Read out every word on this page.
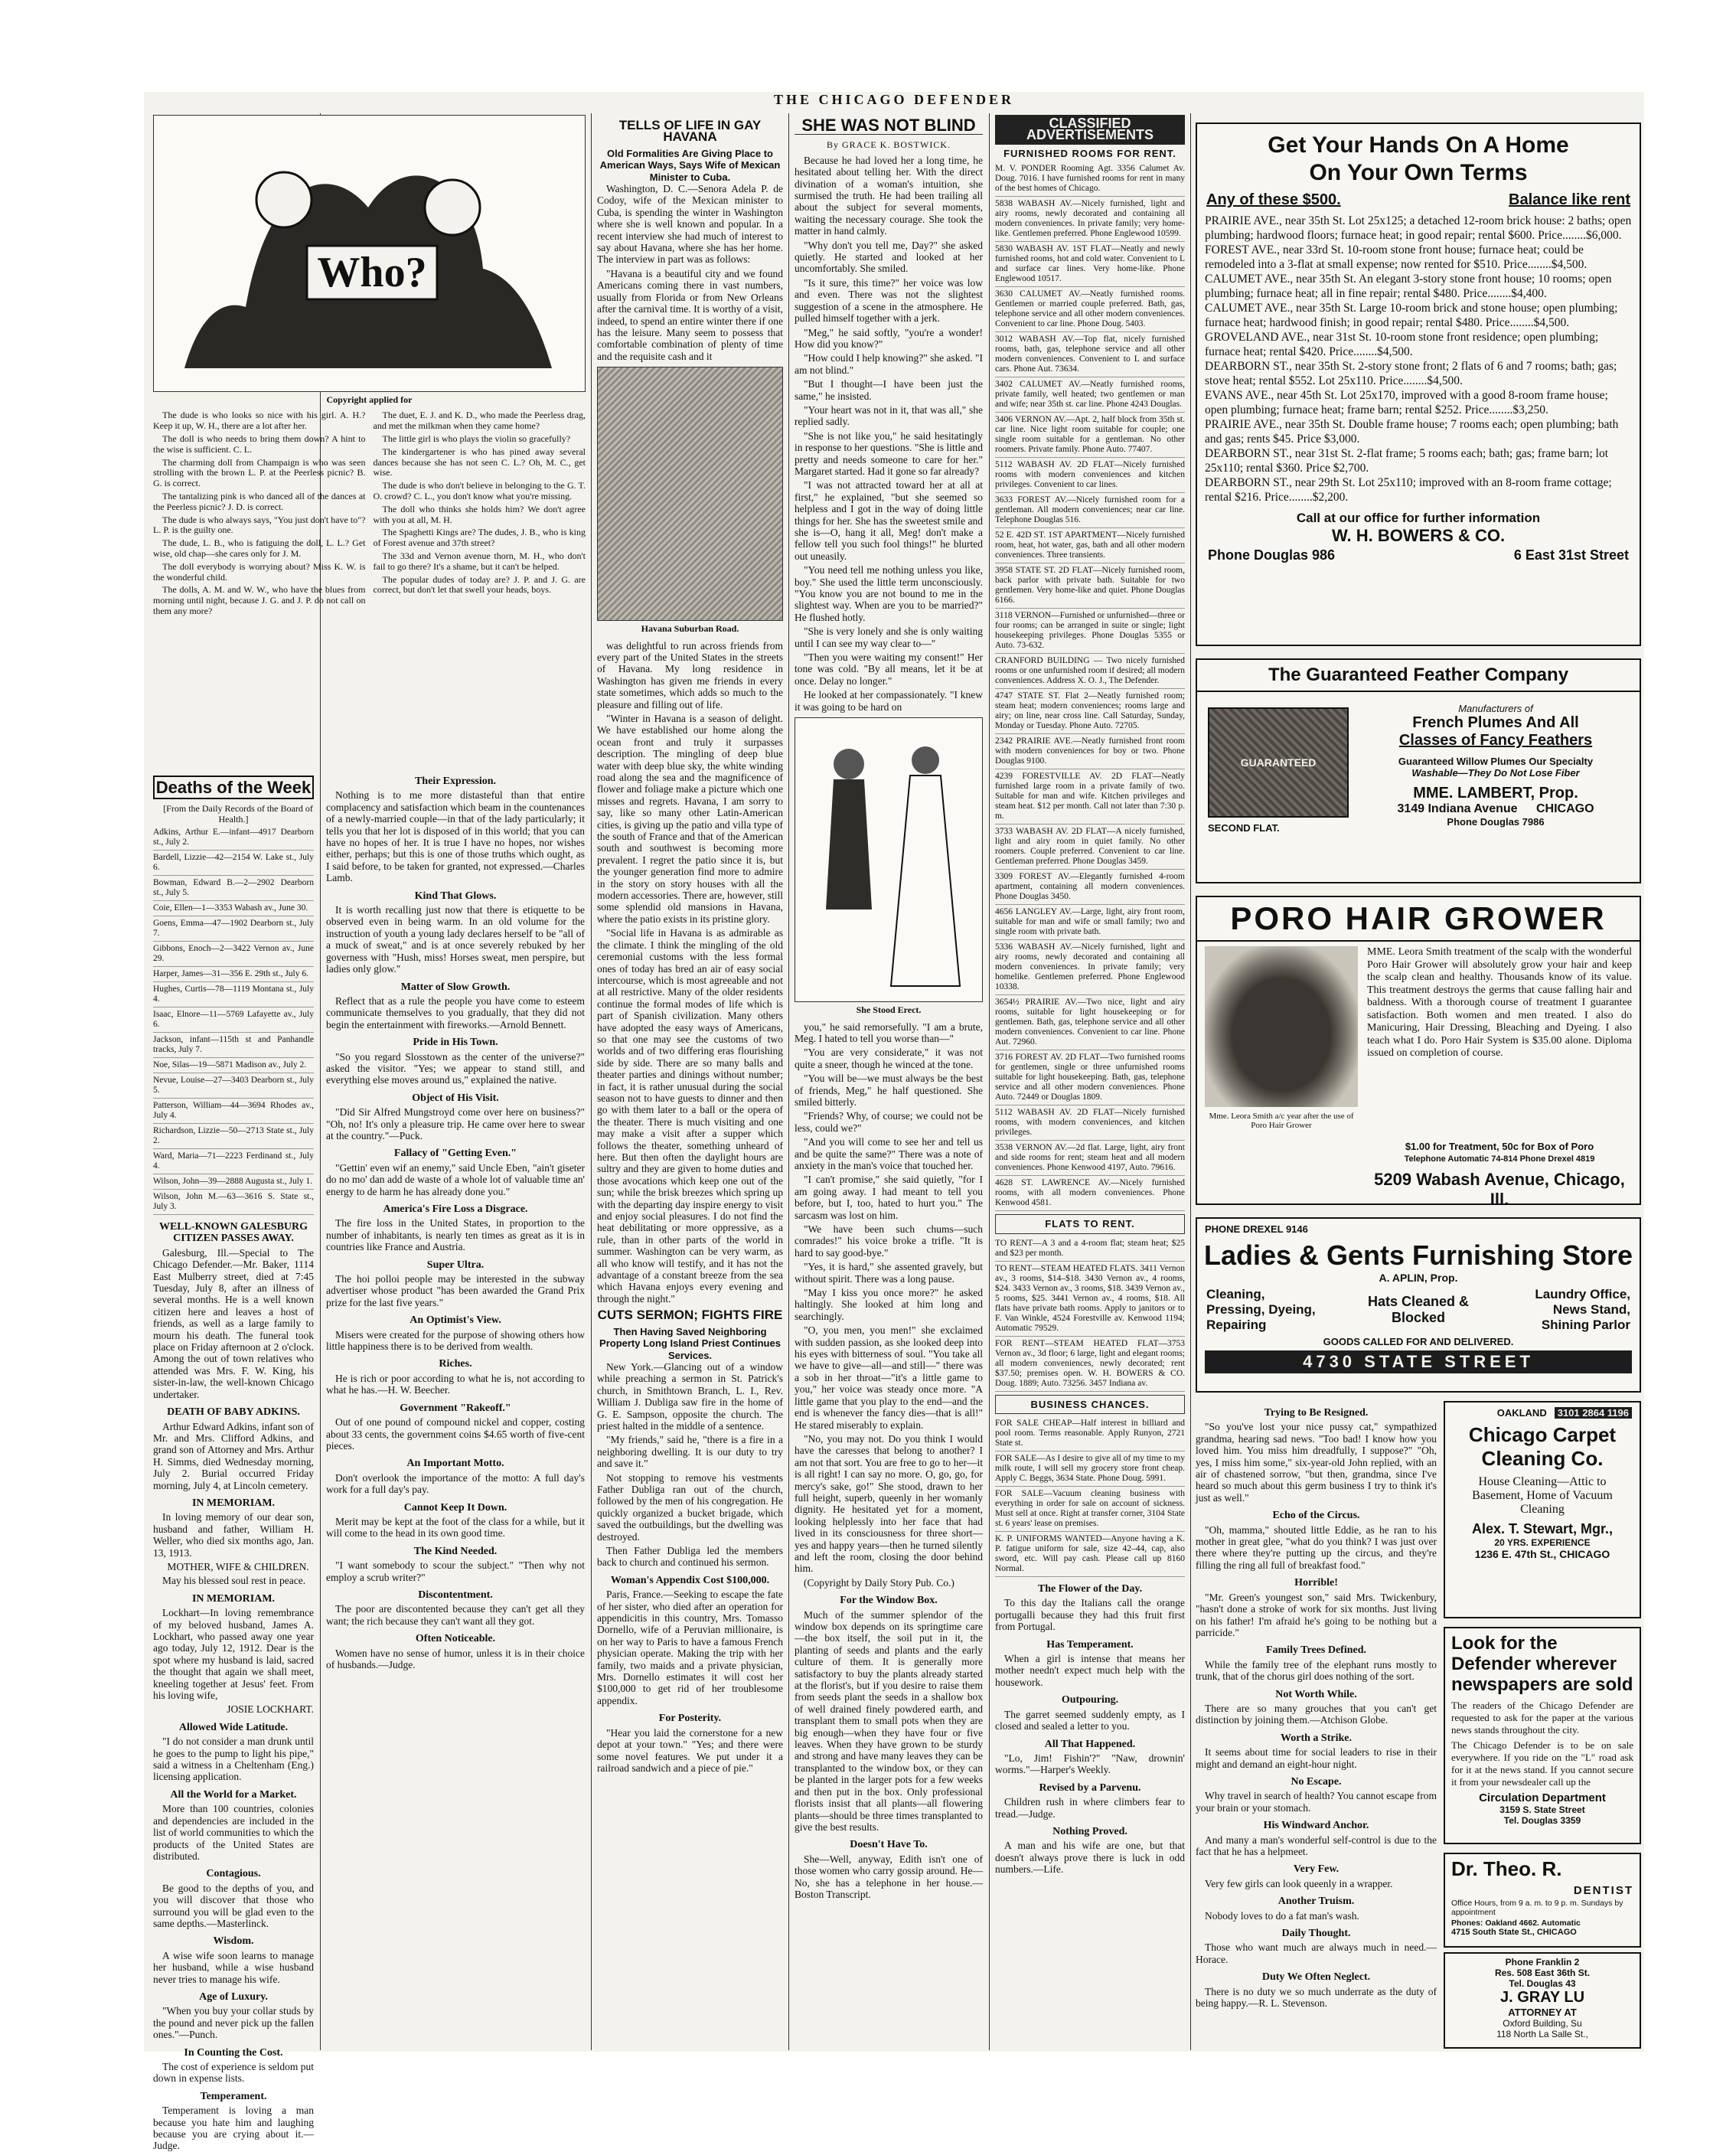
THE CHICAGO DEFENDER
Who?
Copyright applied for

The dude is who looks so nice with his girl. A. H.? Keep it up, W. H., there are a lot after her.

The doll is who needs to bring them down? A hint to the wise is sufficient. C. L.

The charming doll from Champaign is who was seen strolling with the brown L. P. at the Peerless picnic? B. G. is correct.

The tantalizing pink is who danced all of the dances at the Peerless picnic? J. D. is correct.

The dude is who always says, "You just don't have to"? L. P. is the guilty one.

The dude, L. B., who is fatiguing the doll, L. L.? Get wise, old chap—she cares only for J. M.

The doll everybody is worrying about? Miss K. W. is the wonderful child.

The dolls, A. M. and W. W., who have the blues from morning until night, because J. G. and J. P. do not call on them any more?

The duet, E. J. and K. D., who made the Peerless drag, and met the milkman when they came home?

The little girl is who plays the violin so gracefully?

The kindergartener is who has pined away several dances because she has not seen C. L.? Oh, M. C., get wise.

The dude is who don't believe in belonging to the G. T. O. crowd? C. L., you don't know what you're missing.

The doll who thinks she holds him? We don't agree with you at all, M. H.

The Spaghetti Kings are? The dudes, J. B., who is king of Forest avenue and 37th street?

The 33d and Vernon avenue thorn, M. H., who don't fail to go there? It's a shame, but it can't be helped.

The popular dudes of today are? J. P. and J. G. are correct, but don't let that swell your heads, boys.

Deaths of the Week

[From the Daily Records of the Board of Health.]

Adkins, Arthur E.—infant—4917 Dearborn st., July 2.

Bardell, Lizzie—42—2154 W. Lake st., July 6.

Bowman, Edward B.—2—2902 Dearborn st., July 5.

Coie, Ellen—1—3353 Wabash av., June 30.

Goens, Emma—47—1902 Dearborn st., July 7.

Gibbons, Enoch—2—3422 Vernon av., June 29.

Harper, James—31—356 E. 29th st., July 6.

Hughes, Curtis—78—1119 Montana st., July 4.

Isaac, Elnore—11—5769 Lafayette av., July 6.

Jackson, infant—115th st and Panhandle tracks, July 7.

Noe, Silas—19—5871 Madison av., July 2.

Nevue, Louise—27—3403 Dearborn st., July 5.

Patterson, William—44—3694 Rhodes av., July 4.

Richardson, Lizzie—50—2713 State st., July 2.

Ward, Maria—71—2223 Ferdinand st., July 4.

Wilson, John—39—2888 Augusta st., July 1.

Wilson, John M.—63—3616 S. State st., July 3.

WELL-KNOWN GALESBURG CITIZEN PASSES AWAY.

Galesburg, Ill.—Special to The Chicago Defender.—Mr. Baker, 1114 East Mulberry street, died at 7:45 Tuesday, July 8, after an illness of several months. He is a well known citizen here and leaves a host of friends, as well as a large family to mourn his death. The funeral took place on Friday afternoon at 2 o'clock. Among the out of town relatives who attended was Mrs. F. W. King, his sister-in-law, the well-known Chicago undertaker.

DEATH OF BABY ADKINS.

Arthur Edward Adkins, infant son of Mr. and Mrs. Clifford Adkins, and grand son of Attorney and Mrs. Arthur H. Simms, died Wednesday morning, July 2. Burial occurred Friday morning, July 4, at Lincoln cemetery.

IN MEMORIAM.

In loving memory of our dear son, husband and father, William H. Weller, who died six months ago, Jan. 13, 1913.

MOTHER, WIFE & CHILDREN.

May his blessed soul rest in peace.

IN MEMORIAM.

Lockhart—In loving remembrance of my beloved husband, James A. Lockhart, who passed away one year ago today, July 12, 1912. Dear is the spot where my husband is laid, sacred the thought that again we shall meet, kneeling together at Jesus' feet. From his loving wife,

JOSIE LOCKHART.

Allowed Wide Latitude.

"I do not consider a man drunk until he goes to the pump to light his pipe," said a witness in a Cheltenham (Eng.) licensing application.

All the World for a Market.

More than 100 countries, colonies and dependencies are included in the list of world communities to which the products of the United States are distributed.

Contagious.

Be good to the depths of you, and you will discover that those who surround you will be glad even to the same depths.—Masterlinck.

Wisdom.

A wise wife soon learns to manage her husband, while a wise husband never tries to manage his wife.

Age of Luxury.

"When you buy your collar studs by the pound and never pick up the fallen ones."—Punch.

In Counting the Cost.

The cost of experience is seldom put down in expense lists.

Temperament.

Temperament is loving a man because you hate him and laughing because you are crying about it.—Judge.

Their Expression.

Nothing is to me more distasteful than that entire complacency and satisfaction which beam in the countenances of a newly-married couple—in that of the lady particularly; it tells you that her lot is disposed of in this world; that you can have no hopes of her. It is true I have no hopes, nor wishes either, perhaps; but this is one of those truths which ought, as I said before, to be taken for granted, not expressed.—Charles Lamb.

Kind That Glows.

It is worth recalling just now that there is etiquette to be observed even in being warm. In an old volume for the instruction of youth a young lady declares herself to be "all of a muck of sweat," and is at once severely rebuked by her governess with "Hush, miss! Horses sweat, men perspire, but ladies only glow."

Matter of Slow Growth.

Reflect that as a rule the people you have come to esteem communicate themselves to you gradually, that they did not begin the entertainment with fireworks.—Arnold Bennett.

Pride in His Town.

"So you regard Slosstown as the center of the universe?" asked the visitor. "Yes; we appear to stand still, and everything else moves around us," explained the native.

Object of His Visit.

"Did Sir Alfred Mungstroyd come over here on business?" "Oh, no! It's only a pleasure trip. He came over here to swear at the country."—Puck.

Fallacy of "Getting Even."

"Gettin' even wif an enemy," said Uncle Eben, "ain't giseter do no mo' dan add de waste of a whole lot of valuable time an' energy to de harm he has already done you."

America's Fire Loss a Disgrace.

The fire loss in the United States, in proportion to the number of inhabitants, is nearly ten times as great as it is in countries like France and Austria.

Super Ultra.

The hoi polloi people may be interested in the subway advertiser whose product "has been awarded the Grand Prix prize for the last five years."

An Optimist's View.

Misers were created for the purpose of showing others how little happiness there is to be derived from wealth.

Riches.

He is rich or poor according to what he is, not according to what he has.—H. W. Beecher.

Government "Rakeoff."

Out of one pound of compound nickel and copper, costing about 33 cents, the government coins $4.65 worth of five-cent pieces.

An Important Motto.

Don't overlook the importance of the motto: A full day's work for a full day's pay.

Cannot Keep It Down.

Merit may be kept at the foot of the class for a while, but it will come to the head in its own good time.

The Kind Needed.

"I want somebody to scour the subject." "Then why not employ a scrub writer?"

Discontentment.

The poor are discontented because they can't get all they want; the rich because they can't want all they got.

Often Noticeable.

Women have no sense of humor, unless it is in their choice of husbands.—Judge.

TELLS OF LIFE IN GAY HAVANA
Old Formalities Are Giving Place to American Ways, Says Wife of Mexican Minister to Cuba.

Washington, D. C.—Senora Adela P. de Codoy, wife of the Mexican minister to Cuba, is spending the winter in Washington where she is well known and popular. In a recent interview she had much of interest to say about Havana, where she has her home. The interview in part was as follows:

"Havana is a beautiful city and we found Americans coming there in vast numbers, usually from Florida or from New Orleans after the carnival time. It is worthy of a visit, indeed, to spend an entire winter there if one has the leisure. Many seem to possess that comfortable combination of plenty of time and the requisite cash and it

Havana Suburban Road.

was delightful to run across friends from every part of the United States in the streets of Havana. My long residence in Washington has given me friends in every state sometimes, which adds so much to the pleasure and filling out of life.

"Winter in Havana is a season of delight. We have established our home along the ocean front and truly it surpasses description. The mingling of deep blue water with deep blue sky, the white winding road along the sea and the magnificence of flower and foliage make a picture which one misses and regrets. Havana, I am sorry to say, like so many other Latin-American cities, is giving up the patio and villa type of the south of France and that of the American south and southwest is becoming more prevalent. I regret the patio since it is, but the younger generation find more to admire in the story on story houses with all the modern accessories. There are, however, still some splendid old mansions in Havana, where the patio exists in its pristine glory.

"Social life in Havana is as admirable as the climate. I think the mingling of the old ceremonial customs with the less formal ones of today has bred an air of easy social intercourse, which is most agreeable and not at all restrictive. Many of the older residents continue the formal modes of life which is part of Spanish civilization. Many others have adopted the easy ways of Americans, so that one may see the customs of two worlds and of two differing eras flourishing side by side. There are so many balls and theater parties and dinings without number; in fact, it is rather unusual during the social season not to have guests to dinner and then go with them later to a ball or the opera of the theater. There is much visiting and one may make a visit after a supper which follows the theater, something unheard of here. But then often the daylight hours are sultry and they are given to home duties and those avocations which keep one out of the sun; while the brisk breezes which spring up with the departing day inspire energy to visit and enjoy social pleasures. I do not find the heat debilitating or more oppressive, as a rule, than in other parts of the world in summer. Washington can be very warm, as all who know will testify, and it has not the advantage of a constant breeze from the sea which Havana enjoys every evening and through the night."

CUTS SERMON; FIGHTS FIRE
Then Having Saved Neighboring Property Long Island Priest Continues Services.

New York.—Glancing out of a window while preaching a sermon in St. Patrick's church, in Smithtown Branch, L. I., Rev. William J. Dubliga saw fire in the home of G. E. Sampson, opposite the church. The priest halted in the middle of a sentence.

"My friends," said he, "there is a fire in a neighboring dwelling. It is our duty to try and save it."

Not stopping to remove his vestments Father Dubliga ran out of the church, followed by the men of his congregation. He quickly organized a bucket brigade, which saved the outbuildings, but the dwelling was destroyed.

Then Father Dubliga led the members back to church and continued his sermon.

Woman's Appendix Cost $100,000.

Paris, France.—Seeking to escape the fate of her sister, who died after an operation for appendicitis in this country, Mrs. Tomasso Dornello, wife of a Peruvian millionaire, is on her way to Paris to have a famous French physician operate. Making the trip with her family, two maids and a private physician, Mrs. Dornello estimates it will cost her $100,000 to get rid of her troublesome appendix.

For Posterity.

"Hear you laid the cornerstone for a new depot at your town." "Yes; and there were some novel features. We put under it a railroad sandwich and a piece of pie."

SHE WAS NOT BLIND
By GRACE K. BOSTWICK.

Because he had loved her a long time, he hesitated about telling her. With the direct divination of a woman's intuition, she surmised the truth. He had been trailing all about the subject for several moments, waiting the necessary courage. She took the matter in hand calmly.

"Why don't you tell me, Day?" she asked quietly. He started and looked at her uncomfortably. She smiled.

"Is it sure, this time?" her voice was low and even. There was not the slightest suggestion of a scene in the atmosphere. He pulled himself together with a jerk.

"Meg," he said softly, "you're a wonder! How did you know?"

"How could I help knowing?" she asked. "I am not blind."

"But I thought—I have been just the same," he insisted.

"Your heart was not in it, that was all," she replied sadly.

"She is not like you," he said hesitatingly in response to her questions. "She is little and pretty and needs someone to care for her." Margaret started. Had it gone so far already?

"I was not attracted toward her at all at first," he explained, "but she seemed so helpless and I got in the way of doing little things for her. She has the sweetest smile and she is—O, hang it all, Meg! don't make a fellow tell you such fool things!" he blurted out uneasily.

"You need tell me nothing unless you like, boy." She used the little term unconsciously. "You know you are not bound to me in the slightest way. When are you to be married?" He flushed hotly.

"She is very lonely and she is only waiting until I can see my way clear to—"

"Then you were waiting my consent!" Her tone was cold. "By all means, let it be at once. Delay no longer."

He looked at her compassionately. "I knew it was going to be hard on

She Stood Erect.

you," he said remorsefully. "I am a brute, Meg. I hated to tell you worse than—"

"You are very considerate," it was not quite a sneer, though he winced at the tone.

"You will be—we must always be the best of friends, Meg," he half questioned. She smiled bitterly.

"Friends? Why, of course; we could not be less, could we?"

"And you will come to see her and tell us and be quite the same?" There was a note of anxiety in the man's voice that touched her.

"I can't promise," she said quietly, "for I am going away. I had meant to tell you before, but I, too, hated to hurt you." The sarcasm was lost on him.

"We have been such chums—such comrades!" his voice broke a trifle. "It is hard to say good-bye."

"Yes, it is hard," she assented gravely, but without spirit. There was a long pause.

"May I kiss you once more?" he asked haltingly. She looked at him long and searchingly.

"O, you men, you men!" she exclaimed with sudden passion, as she looked deep into his eyes with bitterness of soul. "You take all we have to give—all—and still—" there was a sob in her throat—"it's a little game to you," her voice was steady once more. "A little game that you play to the end—and the end is whenever the fancy dies—that is all!" He stared miserably to explain.

"No, you may not. Do you think I would have the caresses that belong to another? I am not that sort. You are free to go to her—it is all right! I can say no more. O, go, go, for mercy's sake, go!" She stood, drawn to her full height, superb, queenly in her womanly dignity. He hesitated yet for a moment, looking helplessly into her face that had lived in its consciousness for three short—yes and happy years—then he turned silently and left the room, closing the door behind him.

(Copyright by Daily Story Pub. Co.)

For the Window Box.

Much of the summer splendor of the window box depends on its springtime care—the box itself, the soil put in it, the planting of seeds and plants and the early culture of them. It is generally more satisfactory to buy the plants already started at the florist's, but if you desire to raise them from seeds plant the seeds in a shallow box of well drained finely powdered earth, and transplant them to small pots when they are big enough—when they have four or five leaves. When they have grown to be sturdy and strong and have many leaves they can be transplanted to the window box, or they can be planted in the larger pots for a few weeks and then put in the box. Only professional florists insist that all plants—all flowering plants—should be three times transplanted to give the best results.

Doesn't Have To.

She—Well, anyway, Edith isn't one of those women who carry gossip around. He—No, she has a telephone in her house.—Boston Transcript.

CLASSIFIED ADVERTISEMENTS
FURNISHED ROOMS FOR RENT.

M. V. PONDER Rooming Agt. 3356 Calumet Av. Doug. 7016. I have furnished rooms for rent in many of the best homes of Chicago.

5838 WABASH AV.—Nicely furnished, light and airy rooms, newly decorated and containing all modern conveniences. In private family; very home-like. Gentlemen preferred. Phone Englewood 10599.

5830 WABASH AV. 1ST FLAT—Neatly and newly furnished rooms, hot and cold water. Convenient to L and surface car lines. Very home-like. Phone Englewood 10517.

3630 CALUMET AV.—Neatly furnished rooms. Gentlemen or married couple preferred. Bath, gas, telephone service and all other modern conveniences. Convenient to car line. Phone Doug. 5403.

3012 WABASH AV.—Top flat, nicely furnished rooms, bath, gas, telephone service and all other modern conveniences. Convenient to L and surface cars. Phone Aut. 73634.

3402 CALUMET AV.—Neatly furnished rooms, private family, well heated; two gentlemen or man and wife; near 35th st. car line. Phone 4243 Douglas.

3406 VERNON AV.—Apt. 2, half block from 35th st. car line. Nice light room suitable for couple; one single room suitable for a gentleman. No other roomers. Private family. Phone Auto. 77407.

5112 WABASH AV. 2D FLAT—Nicely furnished rooms with modern conveniences and kitchen privileges. Convenient to car lines.

3633 FOREST AV.—Nicely furnished room for a gentleman. All modern conveniences; near car line. Telephone Douglas 516.

52 E. 42D ST. 1ST APARTMENT—Nicely furnished room, heat, hot water, gas, bath and all other modern conveniences. Three transients.

3958 STATE ST. 2D FLAT—Nicely furnished room, back parlor with private bath. Suitable for two gentlemen. Very home-like and quiet. Phone Douglas 6166.

3118 VERNON—Furnished or unfurnished—three or four rooms; can be arranged in suite or single; light housekeeping privileges. Phone Douglas 5355 or Auto. 73-632.

CRANFORD BUILDING — Two nicely furnished rooms or one unfurnished room if desired; all modern conveniences. Address X. O. J., The Defender.

4747 STATE ST. Flat 2—Neatly furnished room; steam heat; modern conveniences; rooms large and airy; on line, near cross line. Call Saturday, Sunday, Monday or Tuesday. Phone Auto. 72705.

2342 PRAIRIE AVE.—Neatly furnished front room with modern conveniences for boy or two. Phone Douglas 9100.

4239 FORESTVILLE AV. 2D FLAT—Neatly furnished large room in a private family of two. Suitable for man and wife. Kitchen privileges and steam heat. $12 per month. Call not later than 7:30 p. m.

3733 WABASH AV. 2D FLAT—A nicely furnished, light and airy room in quiet family. No other roomers. Couple preferred. Convenient to car line. Gentleman preferred. Phone Douglas 3459.

3309 FOREST AV.—Elegantly furnished 4-room apartment, containing all modern conveniences. Phone Douglas 3450.

4656 LANGLEY AV.—Large, light, airy front room, suitable for man and wife or small family; two and single room with private bath.

5336 WABASH AV.—Nicely furnished, light and airy rooms, newly decorated and containing all modern conveniences. In private family; very homelike. Gentlemen preferred. Phone Englewood 10338.

3654½ PRAIRIE AV.—Two nice, light and airy rooms, suitable for light housekeeping or for gentlemen. Bath, gas, telephone service and all other modern conveniences. Convenient to car line. Phone Aut. 72960.

3716 FOREST AV. 2D FLAT—Two furnished rooms for gentlemen, single or three unfurnished rooms suitable for light housekeeping. Bath, gas, telephone service and all other modern conveniences. Phone Auto. 72449 or Douglas 1809.

5112 WABASH AV. 2D FLAT—Nicely furnished rooms, with modern conveniences, and kitchen privileges.

3538 VERNON AV.—2d flat. Large, light, airy front and side rooms for rent; steam heat and all modern conveniences. Phone Kenwood 4197, Auto. 79616.

4628 ST. LAWRENCE AV.—Nicely furnished rooms, with all modern conveniences. Phone Kenwood 4581.

FLATS TO RENT.

TO RENT—A 3 and a 4-room flat; steam heat; $25 and $23 per month.

TO RENT—STEAM HEATED FLATS. 3411 Vernon av., 3 rooms, $14–$18. 3430 Vernon av., 4 rooms, $24. 3433 Vernon av., 3 rooms, $18. 3439 Vernon av., 5 rooms, $25. 3441 Vernon av., 4 rooms, $18. All flats have private bath rooms. Apply to janitors or to F. Van Winkle, 4524 Forestville av. Kenwood 1194; Automatic 79529.

FOR RENT—STEAM HEATED FLAT—3753 Vernon av., 3d floor; 6 large, light and elegant rooms; all modern conveniences, newly decorated; rent $37.50; premises open. W. H. BOWERS & CO. Doug. 1889; Auto. 73256. 3457 Indiana av.

BUSINESS CHANCES.

FOR SALE CHEAP—Half interest in billiard and pool room. Terms reasonable. Apply Runyon, 2721 State st.

FOR SALE—As I desire to give all of my time to my milk route, I will sell my grocery store front cheap. Apply C. Beggs, 3634 State. Phone Doug. 5991.

FOR SALE—Vacuum cleaning business with everything in order for sale on account of sickness. Must sell at once. Right at transfer corner, 3104 State st. 6 years' lease on premises.

K. P. UNIFORMS WANTED—Anyone having a K. P. fatigue uniform for sale, size 42–44, cap, also sword, etc. Will pay cash. Please call up 8160 Normal.

The Flower of the Day.

To this day the Italians call the orange portugalli because they had this fruit first from Portugal.

Has Temperament.

When a girl is intense that means her mother needn't expect much help with the housework.

Outpouring.

The garret seemed suddenly empty, as I closed and sealed a letter to you.

All That Happened.

"Lo, Jim! Fishin'?" "Naw, drownin' worms."—Harper's Weekly.

Revised by a Parvenu.

Children rush in where climbers fear to tread.—Judge.

Nothing Proved.

A man and his wife are one, but that doesn't always prove there is luck in odd numbers.—Life.

Get Your Hands On A Home
On Your Own Terms
Any of these $500.	Balance like rent
PRAIRIE AVE., near 35th St. Lot 25x125; a detached 12-room brick house: 2 baths; open plumbing; hardwood floors; furnace heat; in good repair; rental $600. Price........$6,000.
FOREST AVE., near 33rd St. 10-room stone front house; furnace heat; could be remodeled into a 3-flat at small expense; now rented for $510. Price........$4,500.
CALUMET AVE., near 35th St. An elegant 3-story stone front house; 10 rooms; open plumbing; furnace heat; all in fine repair; rental $480. Price........$4,400.
CALUMET AVE., near 35th St. Large 10-room brick and stone house; open plumbing; furnace heat; hardwood finish; in good repair; rental $480. Price........$4,500.
GROVELAND AVE., near 31st St. 10-room stone front residence; open plumbing; furnace heat; rental $420. Price........$4,500.
DEARBORN ST., near 35th St. 2-story stone front; 2 flats of 6 and 7 rooms; bath; gas; stove heat; rental $552. Lot 25x110. Price........$4,500.
EVANS AVE., near 45th St. Lot 25x170, improved with a good 8-room frame house; open plumbing; furnace heat; frame barn; rental $252. Price........$3,250.
PRAIRIE AVE., near 35th St. Double frame house; 7 rooms each; open plumbing; bath and gas; rents $45. Price $3,000.
DEARBORN ST., near 31st St. 2-flat frame; 5 rooms each; bath; gas; frame barn; lot 25x110; rental $360. Price $2,700.
DEARBORN ST., near 29th St. Lot 25x110; improved with an 8-room frame cottage; rental $216. Price........$2,200.
Call at our office for further information
W. H. BOWERS & CO.
Phone Douglas 986	6 East 31st Street
The Guaranteed Feather Company
GUARANTEED
SECOND FLAT.
Manufacturers of
French Plumes And All
Classes of Fancy Feathers
Guaranteed Willow Plumes Our Specialty
Washable—They Do Not Lose Fiber
MME. LAMBERT, Prop.
3149 Indiana Avenue CHICAGO
Phone Douglas 7986
PORO HAIR GROWER
Mme. Leora Smith a/c year after the use of Poro Hair Grower
MME. Leora Smith treatment of the scalp with the wonderful Poro Hair Grower will absolutely grow your hair and keep the scalp clean and healthy. Thousands know of its value. This treatment destroys the germs that cause falling hair and baldness. With a thorough course of treatment I guarantee satisfaction. Both women and men treated. I also do Manicuring, Hair Dressing, Bleaching and Dyeing. I also teach what I do. Poro Hair System is $35.00 alone. Diploma issued on completion of course.
$1.00 for Treatment, 50c for Box of Poro
Telephone Automatic 74-814 Phone Drexel 4819
5209 Wabash Avenue, Chicago, Ill.
PHONE DREXEL 9146
Ladies & Gents Furnishing Store
A. APLIN, Prop.
Cleaning, Pressing, Dyeing, Repairing
Hats Cleaned & Blocked
Laundry Office, News Stand, Shining Parlor
GOODS CALLED FOR AND DELIVERED.
4730 STATE STREET
Trying to Be Resigned.

"So you've lost your nice pussy cat," sympathized grandma, hearing sad news. "Too bad! I know how you loved him. You miss him dreadfully, I suppose?" "Oh, yes, I miss him some," six-year-old John replied, with an air of chastened sorrow, "but then, grandma, since I've heard so much about this germ business I try to think it's just as well."

Echo of the Circus.

"Oh, mamma," shouted little Eddie, as he ran to his mother in great glee, "what do you think? I was just over there where they're putting up the circus, and they're filling the ring all full of breakfast food."

Horrible!

"Mr. Green's youngest son," said Mrs. Twickenbury, "hasn't done a stroke of work for six months. Just living on his father! I'm afraid he's going to be nothing but a parricide."

Family Trees Defined.

While the family tree of the elephant runs mostly to trunk, that of the chorus girl does nothing of the sort.

Not Worth While.

There are so many grouches that you can't get distinction by joining them.—Atchison Globe.

Worth a Strike.

It seems about time for social leaders to rise in their might and demand an eight-hour night.

No Escape.

Why travel in search of health? You cannot escape from your brain or your stomach.

His Windward Anchor.

And many a man's wonderful self-control is due to the fact that he has a helpmeet.

Very Few.

Very few girls can look queenly in a wrapper.

Another Truism.

Nobody loves to do a fat man's wash.

Daily Thought.

Those who want much are always much in need.—Horace.

Duty We Often Neglect.

There is no duty we so much underrate as the duty of being happy.—R. L. Stevenson.

OAKLAND	3101 2864 1196
Chicago Carpet
Cleaning Co.
House Cleaning—Attic to Basement, Home of Vacuum Cleaning
Alex. T. Stewart, Mgr.,
20 YRS. EXPERIENCE
1236 E. 47th St., CHICAGO
Look for the Defender wherever newspapers are sold
The readers of the Chicago Defender are requested to ask for the paper at the various news stands throughout the city.
The Chicago Defender is to be on sale everywhere. If you ride on the "L" road ask for it at the news stand. If you cannot secure it from your newsdealer call up the
Circulation Department
3159 S. State Street
Tel. Douglas 3359
Dr. Theo. R.
DENTIST
Office Hours, from 9 a. m. to 9 p. m. Sundays by appointment
Phones: Oakland 4662. Automatic
4715 South State St., CHICAGO
Phone Franklin 2
Res. 508 East 36th St.
Tel. Douglas 43
J. GRAY LU
ATTORNEY AT
Oxford Building, Su
118 North La Salle St.,
